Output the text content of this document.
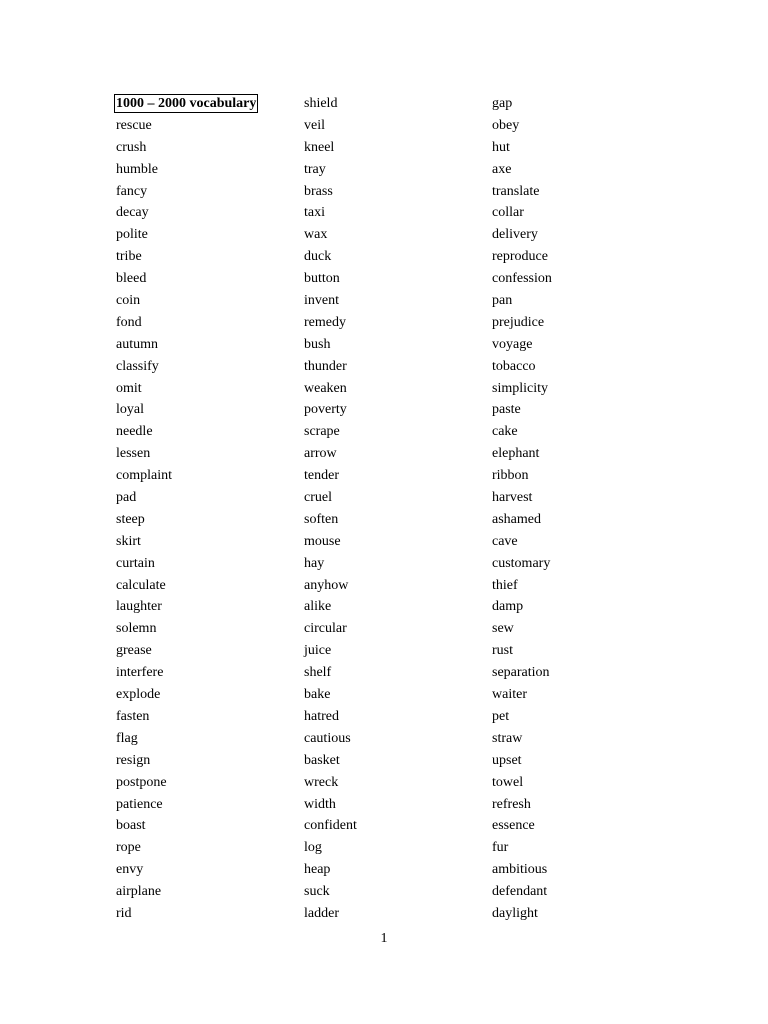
1000 – 2000 vocabulary
rescue
crush
humble
fancy
decay
polite
tribe
bleed
coin
fond
autumn
classify
omit
loyal
needle
lessen
complaint
pad
steep
skirt
curtain
calculate
laughter
solemn
grease
interfere
explode
fasten
flag
resign
postpone
patience
boast
rope
envy
airplane
rid
shield
veil
kneel
tray
brass
taxi
wax
duck
button
invent
remedy
bush
thunder
weaken
poverty
scrape
arrow
tender
cruel
soften
mouse
hay
anyhow
alike
circular
juice
shelf
bake
hatred
cautious
basket
wreck
width
confident
log
heap
suck
ladder
gap
obey
hut
axe
translate
collar
delivery
reproduce
confession
pan
prejudice
voyage
tobacco
simplicity
paste
cake
elephant
ribbon
harvest
ashamed
cave
customary
thief
damp
sew
rust
separation
waiter
pet
straw
upset
towel
refresh
essence
fur
ambitious
defendant
daylight
1
